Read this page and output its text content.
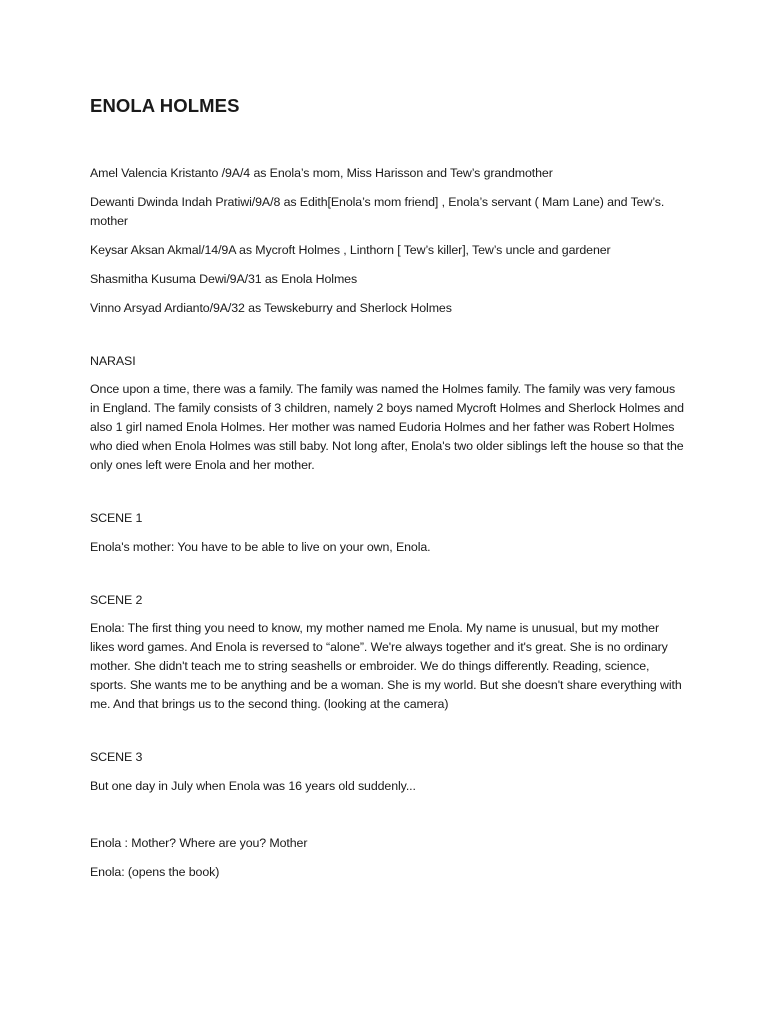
ENOLA HOLMES
Amel Valencia Kristanto /9A/4 as Enola’s mom, Miss Harisson and Tew’s grandmother
Dewanti Dwinda Indah Pratiwi/9A/8 as Edith[Enola’s mom friend] , Enola’s servant ( Mam Lane) and Tew’s. mother
Keysar Aksan Akmal/14/9A as Mycroft Holmes , Linthorn [ Tew’s killer], Tew’s uncle and gardener
Shasmitha Kusuma Dewi/9A/31 as Enola Holmes
Vinno Arsyad Ardianto/9A/32 as Tewskeburry and Sherlock Holmes

NARASI

Once upon a time, there was a family. The family was named the Holmes family. The family was very famous in England. The family consists of 3 children, namely 2 boys named Mycroft Holmes and Sherlock Holmes and also 1 girl named Enola Holmes. Her mother was named Eudoria Holmes and her father was Robert Holmes who died when Enola Holmes was still baby. Not long after, Enola's two older siblings left the house so that the only ones left were Enola and her mother.

SCENE 1

Enola's mother: You have to be able to live on your own, Enola.

SCENE 2

Enola: The first thing you need to know, my mother named me Enola. My name is unusual, but my mother likes word games. And Enola is reversed to “alone”. We're always together and it's great. She is no ordinary mother. She didn't teach me to string seashells or embroider. We do things differently. Reading, science, sports. She wants me to be anything and be a woman. She is my world. But she doesn't share everything with me. And that brings us to the second thing. (looking at the camera)

SCENE 3

But one day in July when Enola was 16 years old suddenly...

Enola : Mother? Where are you? Mother

Enola: (opens the book)
